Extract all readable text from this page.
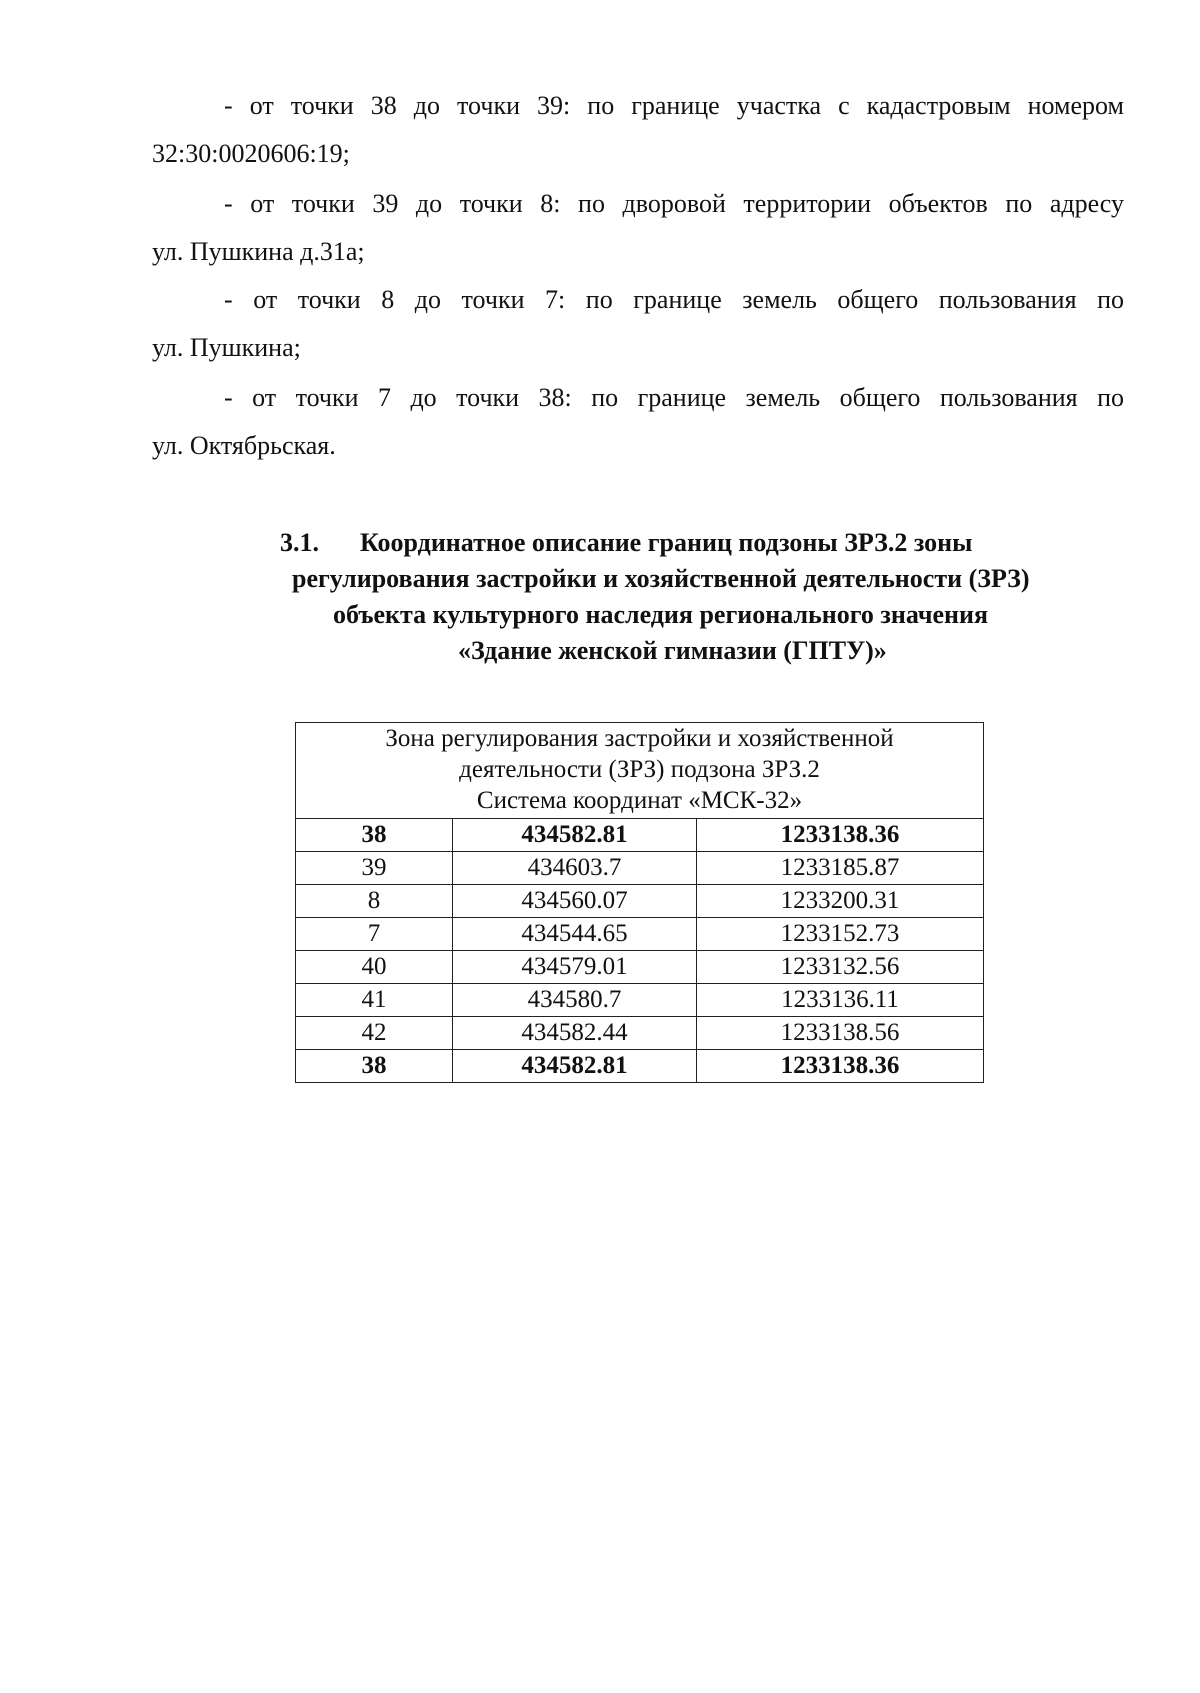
- от точки 38 до точки 39: по границе участка с кадастровым номером
32:30:0020606:19;
- от точки 39 до точки 8: по дворовой территории объектов по адресу
ул. Пушкина д.31а;
- от точки 8 до точки 7: по границе земель общего пользования по
ул. Пушкина;
- от точки 7 до точки 38: по границе земель общего пользования по
ул. Октябрьская.
3.1. Координатное описание границ подзоны ЗРЗ.2 зоны
регулирования застройки и хозяйственной деятельности (ЗРЗ)
объекта культурного наследия регионального значения
«Здание женской гимназии (ГПТУ)»
Зона регулирования застройки и хозяйственной
деятельности (ЗРЗ) подзона ЗРЗ.2
Система координат «МСК-32»		

38	434582.81	1233138.36
39	434603.7	1233185.87
8	434560.07	1233200.31
7	434544.65	1233152.73
40	434579.01	1233132.56
41	434580.7	1233136.11
42	434582.44	1233138.56
38	434582.81	1233138.36
